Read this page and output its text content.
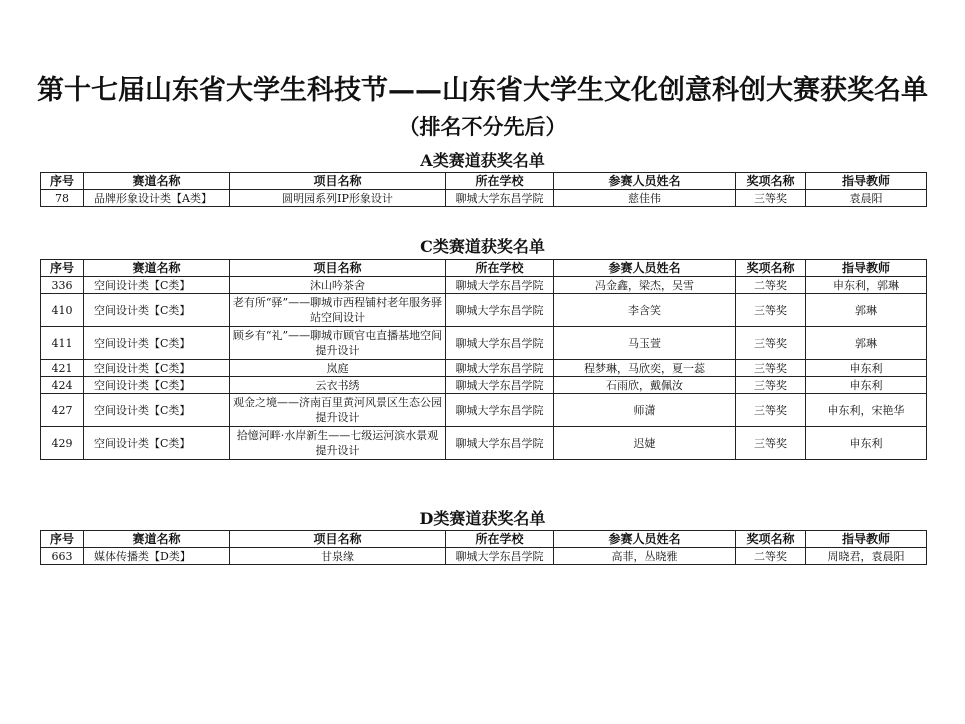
第十七届山东省大学生科技节——山东省大学生文化创意科创大赛获奖名单
（排名不分先后）
A类赛道获奖名单
序号	赛道名称	项目名称	所在学校	参赛人员姓名	奖项名称	指导教师
78	品牌形象设计类【A类】	圆明园系列IP形象设计	聊城大学东昌学院	慈佳伟	三等奖	袁晨阳
C类赛道获奖名单
序号	赛道名称	项目名称	所在学校	参赛人员姓名	奖项名称	指导教师
336	空间设计类【C类】	沐山吟茶舍	聊城大学东昌学院	冯金鑫，梁杰，吴雪	二等奖	申东利，郭琳
410	空间设计类【C类】	老有所“驿”——聊城市西程铺村老年服务驿站空间设计	聊城大学东昌学院	李含笑	三等奖	郭琳
411	空间设计类【C类】	顾乡有“礼”——聊城市顾官屯直播基地空间提升设计	聊城大学东昌学院	马玉萱	三等奖	郭琳
421	空间设计类【C类】	岚庭	聊城大学东昌学院	程梦琳，马欣奕，夏一蕊	三等奖	申东利
424	空间设计类【C类】	云衣书绣	聊城大学东昌学院	石雨欣，戴佩汝	三等奖	申东利
427	空间设计类【C类】	观金之境——济南百里黄河风景区生态公园提升设计	聊城大学东昌学院	师潇	三等奖	申东利，宋艳华
429	空间设计类【C类】	拾憶河畔·水岸新生——七级运河滨水景观提升设计	聊城大学东昌学院	迟婕	三等奖	申东利
D类赛道获奖名单
序号	赛道名称	项目名称	所在学校	参赛人员姓名	奖项名称	指导教师
663	媒体传播类【D类】	甘泉缘	聊城大学东昌学院	高菲，丛晓雅	二等奖	周晓君，袁晨阳
